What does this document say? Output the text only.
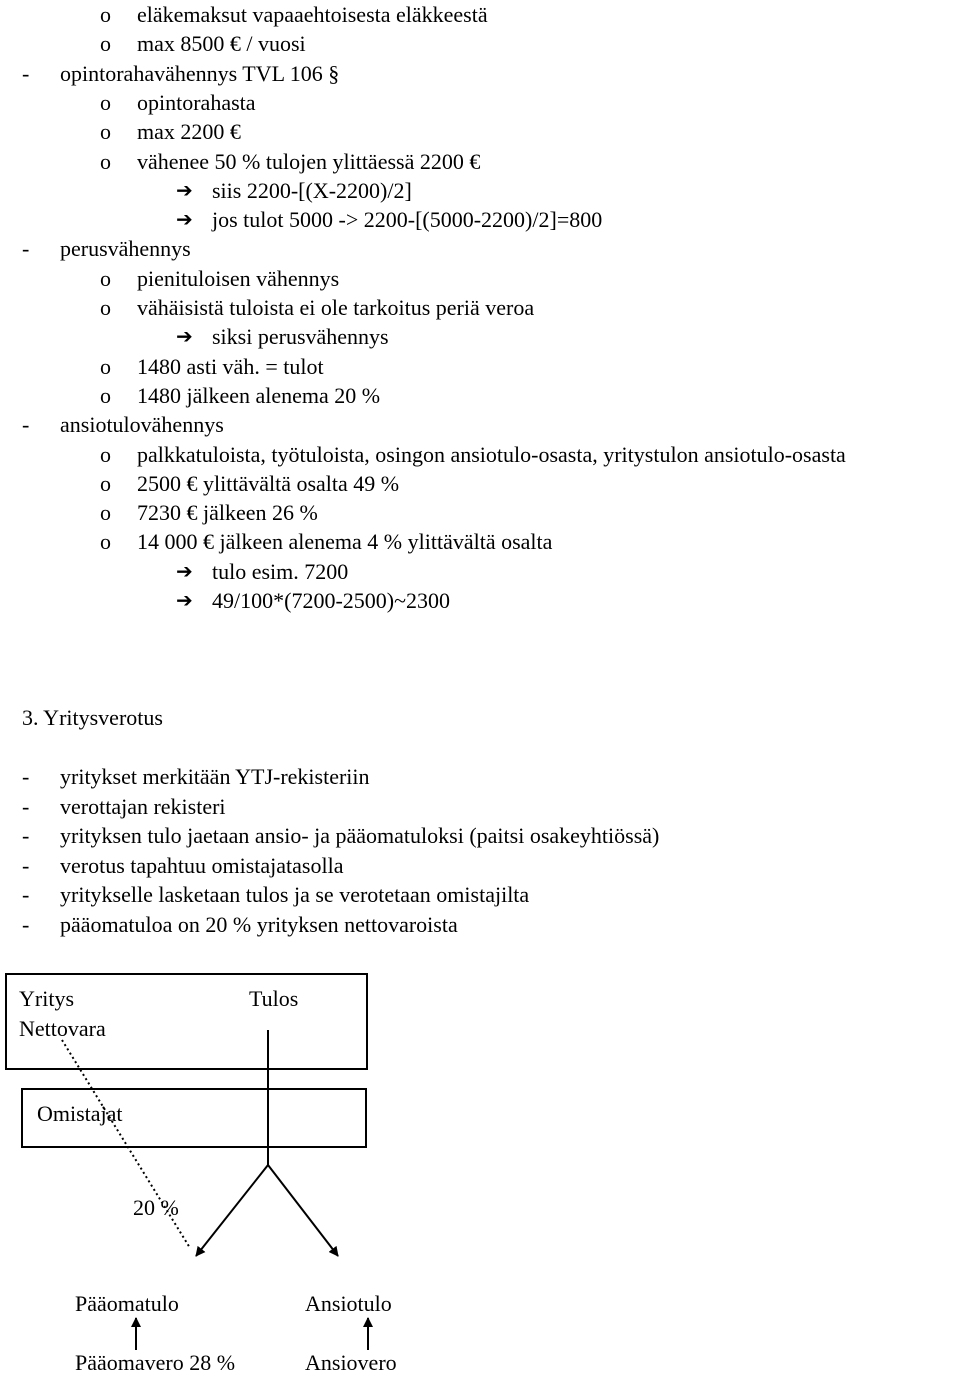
o eläkemaksut vapaaehtoisesta eläkkeestä
o max 8500 € / vuosi
- opintorahavähennys TVL 106 §
o opintorahasta
o max 2200 €
o vähenee 50 % tulojen ylittäessä 2200 €
➔ siis 2200-[(X-2200)/2]
➔ jos tulot 5000 -> 2200-[(5000-2200)/2]=800
- perusvähennys
o pienituloisen vähennys
o vähäisistä tuloista ei ole tarkoitus periä veroa
➔ siksi perusvähennys
o 1480 asti väh. = tulot
o 1480 jälkeen alenema 20 %
- ansiotulovähennys
o palkkatuloista, työtuloista, osingon ansiotulo-osasta, yritystulon ansiotulo-osasta
o 2500 € ylittävältä osalta 49 %
o 7230 € jälkeen 26 %
o 14 000 € jälkeen alenema 4 % ylittävältä osalta
➔ tulo esim. 7200
➔ 49/100*(7200-2500)~2300
3. Yritysverotus
- yritykset merkitään YTJ-rekisteriin
- verottajan rekisteri
- yrityksen tulo jaetaan ansio- ja pääomatuloksi (paitsi osakeyhtiössä)
- verotus tapahtuu omistajatasolla
- yritykselle lasketaan tulos ja se verotetaan omistajilta
- pääomatuloa on 20 % yrityksen nettovaroista
Yritys
Nettovara
Tulos
Omistajat
20 %
Pääomatulo	Ansiotulo
Pääomavero 28 %	Ansiovero
